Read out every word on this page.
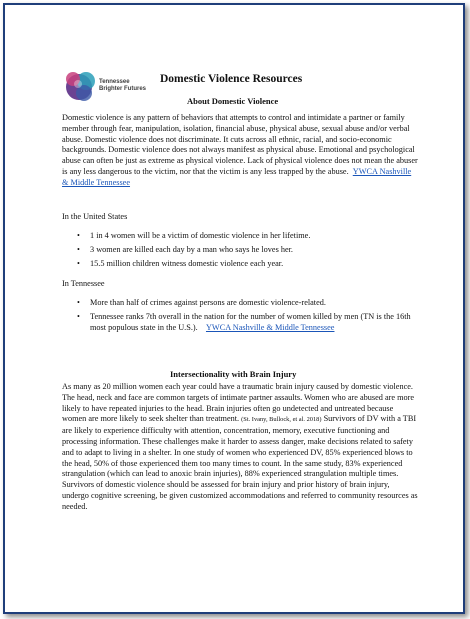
Tennessee
Brighter Futures
Domestic Violence Resources
About Domestic Violence

Domestic violence is any pattern of behaviors that attempts to control and intimidate a partner or family member through fear, manipulation, isolation, financial abuse, physical abuse, sexual abuse and/or verbal abuse. Domestic violence does not discriminate. It cuts across all ethnic, racial, and socio-economic backgrounds. Domestic violence does not always manifest as physical abuse. Emotional and psychological abuse can often be just as extreme as physical violence. Lack of physical violence does not mean the abuser is any less dangerous to the victim, nor that the victim is any less trapped by the abuse. YWCA Nashville & Middle Tennessee

In the United States

• 1 in 4 women will be a victim of domestic violence in her lifetime.
• 3 women are killed each day by a man who says he loves her.
• 15.5 million children witness domestic violence each year.

In Tennessee

• More than half of crimes against persons are domestic violence-related.
• Tennessee ranks 7th overall in the nation for the number of women killed by men (TN is the 16th most populous state in the U.S.). YWCA Nashville & Middle Tennessee
Intersectionality with Brain Injury

As many as 20 million women each year could have a traumatic brain injury caused by domestic violence. The head, neck and face are common targets of intimate partner assaults. Women who are abused are more likely to have repeated injuries to the head. Brain injuries often go undetected and untreated because women are more likely to seek shelter than treatment. (St. Ivany, Bullock, et al. 2018) Survivors of DV with a TBI are likely to experience difficulty with attention, concentration, memory, executive functioning and processing information. These challenges make it harder to assess danger, make decisions related to safety and to adapt to living in a shelter. In one study of women who experienced DV, 85% experienced blows to the head, 50% of those experienced them too many times to count. In the same study, 83% experienced strangulation (which can lead to anoxic brain injuries), 88% experienced strangulation multiple times. Survivors of domestic violence should be assessed for brain injury and prior history of brain injury, undergo cognitive screening, be given customized accommodations and referred to community resources as needed.
